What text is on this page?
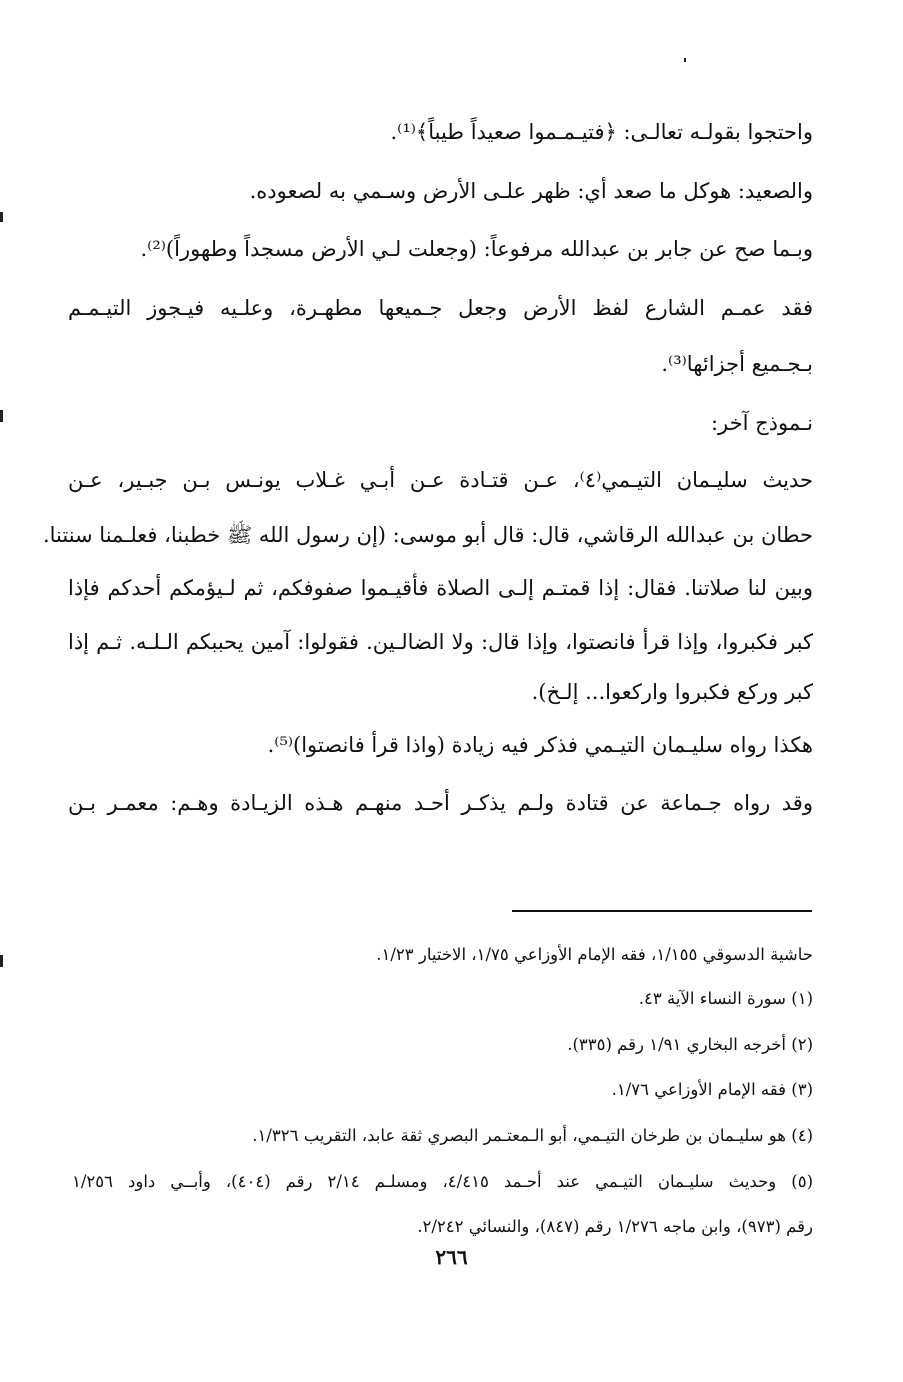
واحتجوا بقولـه تعالـى: ﴿فتيـمـموا صعيداً طيباً﴾⁽¹⁾.
والصعيد: هوكل ما صعد أي: ظهر علـى الأرض وسـمي به لصعوده.
وبـما صح عن جابر بن عبدالله مرفوعاً: (وجعلت لـي الأرض مسجداً وطهوراً)⁽²⁾.
فقد عمـم الشارع لفظ الأرض وجعل جـميعها مطهـرة، وعلـيه فيـجوز التيـمـم
بـجـميع أجزائها⁽³⁾.
نـموذج آخر:
حديث سليـمان التيـمي⁽٤⁾، عـن قتـادة عـن أبـي غـلاب يونـس بـن جبـير، عـن
حطان بن عبدالله الرقاشي، قال: قال أبو موسى: (إن رسول الله ﷺ خطبنا، فعلـمنا سنتنا.
وبين لنا صلاتنا. فقال: إذا قمتـم إلـى الصلاة فأقيـموا صفوفكم، ثم لـيؤمكم أحدكم فإذا
كبر فكبروا، وإذا قرأ فانصتوا، وإذا قال: ولا الضالـين. فقولوا: آمين يحببكم الـلـه. ثـم إذا
كبر وركع فكبروا واركعوا... إلـخ).
هكذا رواه سليـمان التيـمي فذكر فيه زيادة (واذا قرأ فانصتوا)⁽⁵⁾.
وقد رواه جـماعة عن قتادة ولـم يذكـر أحـد منهـم هـذه الزيـادة وهـم: معمـر بـن
حاشية الدسوقي ١/١٥٥، فقه الإمام الأوزاعي ١/٧٥، الاختيار ١/٢٣.
(١) سورة النساء الآية ٤٣.
(٢) أخرجه البخاري ١/٩١ رقم (٣٣٥).
(٣) فقه الإمام الأوزاعي ١/٧٦.
(٤) هو سليـمان بن طرخان التيـمي، أبو الـمعتـمر البصري ثقة عابد، التقريب ١/٣٢٦.
(٥) وحديث سليـمان التيـمي عند أحـمد ٤/٤١٥، ومسلـم ٢/١٤ رقم (٤٠٤)، وأبــي داود ١/٢٥٦
رقم (٩٧٣)، وابن ماجه ١/٢٧٦ رقم (٨٤٧)، والنسائي ٢/٢٤٢.
٢٦٦
